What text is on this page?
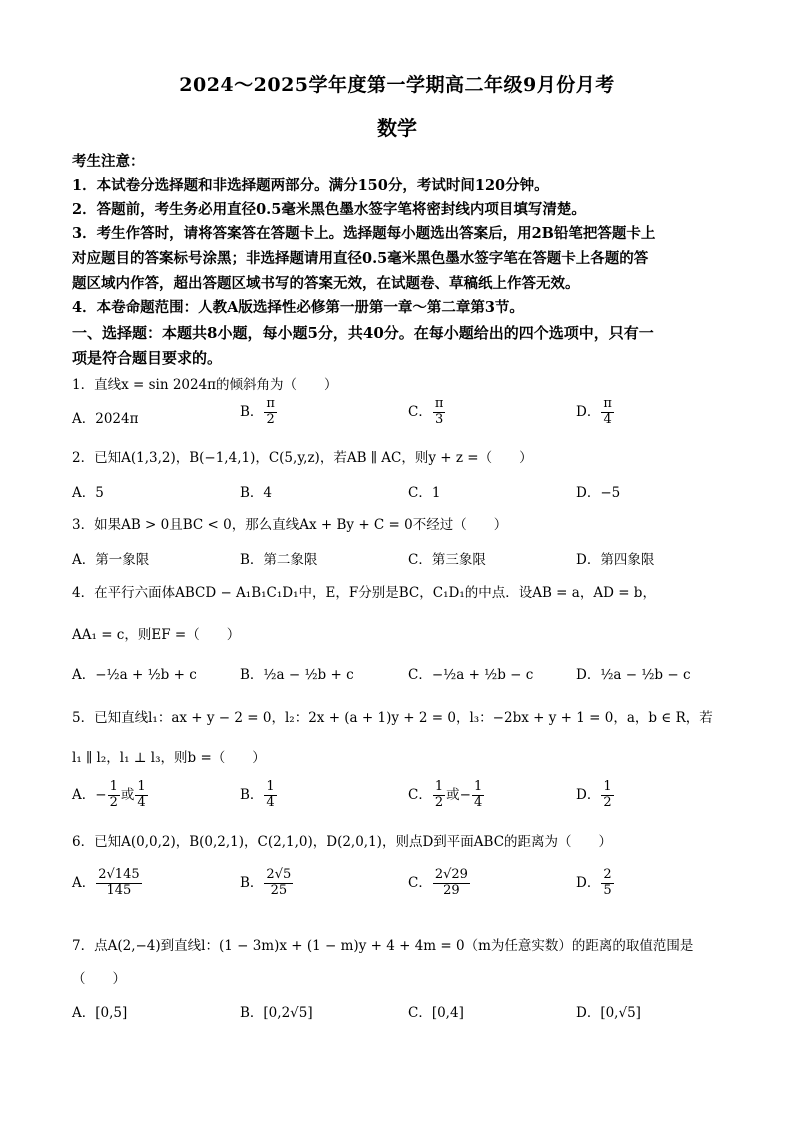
2024～2025学年度第一学期高二年级9月份月考
数学
考生注意：
1．本试卷分选择题和非选择题两部分。满分150分，考试时间120分钟。
2．答题前，考生务必用直径0.5毫米黑色墨水签字笔将密封线内项目填写清楚。
3．考生作答时，请将答案答在答题卡上。选择题每小题选出答案后，用2B铅笔把答题卡上
对应题目的答案标号涂黑；非选择题请用直径0.5毫米黑色墨水签字笔在答题卡上各题的答
题区域内作答，超出答题区域书写的答案无效，在试题卷、草稿纸上作答无效。
4．本卷命题范围：人教A版选择性必修第一册第一章～第二章第3节。
一、选择题：本题共8小题，每小题5分，共40分。在每小题给出的四个选项中，只有一
项是符合题目要求的。
1．直线x = sin 2024π的倾斜角为（　　）
A．2024π	B． $\frac{\pi}{2}$	C． $\frac{\pi}{3}$	D． $\frac{\pi}{4}$
2．已知A(1,3,2)，B(−1,4,1)，C(5,y,z)，若AB ∥ AC，则y + z =（　　）
A．5	B．4	C．1	D．−5
3．如果AB > 0且BC < 0，那么直线Ax + By + C = 0不经过（　　）
A．第一象限	B．第二象限	C．第三象限	D．第四象限
4．在平行六面体ABCD − A₁B₁C₁D₁中，E，F分别是BC，C₁D₁的中点．设AB = a，AD = b，
AA₁ = c，则EF =（　　）
A．−½a + ½b + c	B．½a − ½b + c	C．−½a + ½b − c	D．½a − ½b − c
5．已知直线l₁：ax + y − 2 = 0，l₂：2x + (a + 1)y + 2 = 0，l₃：−2bx + y + 1 = 0，a，b ∈ R，若
l₁ ∥ l₂，l₁ ⊥ l₃，则b =（　　）
A．− $\frac{1}{2}$ 或 $\frac{1}{4}$	B． $\frac{1}{4}$	C． $\frac{1}{2}$ 或− $\frac{1}{4}$	D． $\frac{1}{2}$
6．已知A(0,0,2)，B(0,2,1)，C(2,1,0)，D(2,0,1)，则点D到平面ABC的距离为（　　）
A． $\frac{2√145}{145}$	B． $\frac{2√5}{25}$	C． $\frac{2√29}{29}$	D． $\frac{2}{5}$
7．点A(2,−4)到直线l：(1 − 3m)x + (1 − m)y + 4 + 4m = 0（m为任意实数）的距离的取值范围是
（　　）
A．[0,5]	B．[0,2√5]	C．[0,4]	D．[0,√5]
